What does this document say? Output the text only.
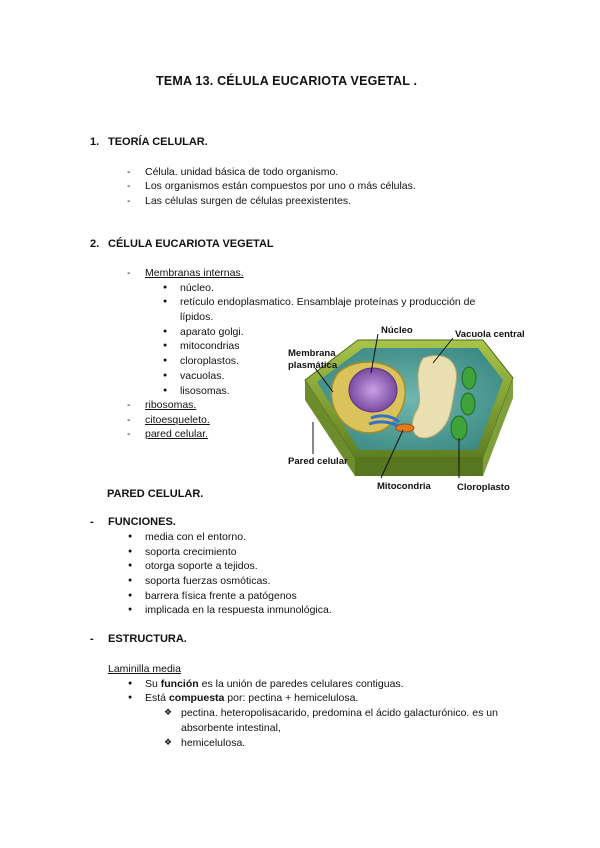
TEMA 13. CÉLULA EUCARIOTA VEGETAL .
1. TEORÍA CELULAR.
- Célula. unidad básica de todo organismo.
- Los organismos están compuestos por uno o más células.
- Las células surgen de células preexistentes.
2. CÉLULA EUCARIOTA VEGETAL
- Membranas internas.
● núcleo.
● retículo endoplasmatico. Ensamblaje proteínas y producción de
lípidos.
● aparato golgi.
● mitocondrias
● cloroplastos.
● vacuolas.
● lisosomas.
- ribosomas.
- citoesqueleto.
- pared celular.
Núcleo	Vacuola central
Membrana
plasmática
Pared celular
Mitocondria	Cloroplasto
PARED CELULAR.
- FUNCIONES.
● media con el entorno.
● soporta crecimiento
● otorga soporte a tejidos.
● soporta fuerzas osmóticas.
● barrera física frente a patógenos
● implicada en la respuesta inmunológica.
- ESTRUCTURA.
Laminilla media
● Su función es la unión de paredes celulares contiguas.
● Está compuesta por: pectina + hemicelulosa.
❖ pectina. heteropolisacarido, predomina el ácido galacturónico. es un
absorbente intestinal,
❖ hemicelulosa.
